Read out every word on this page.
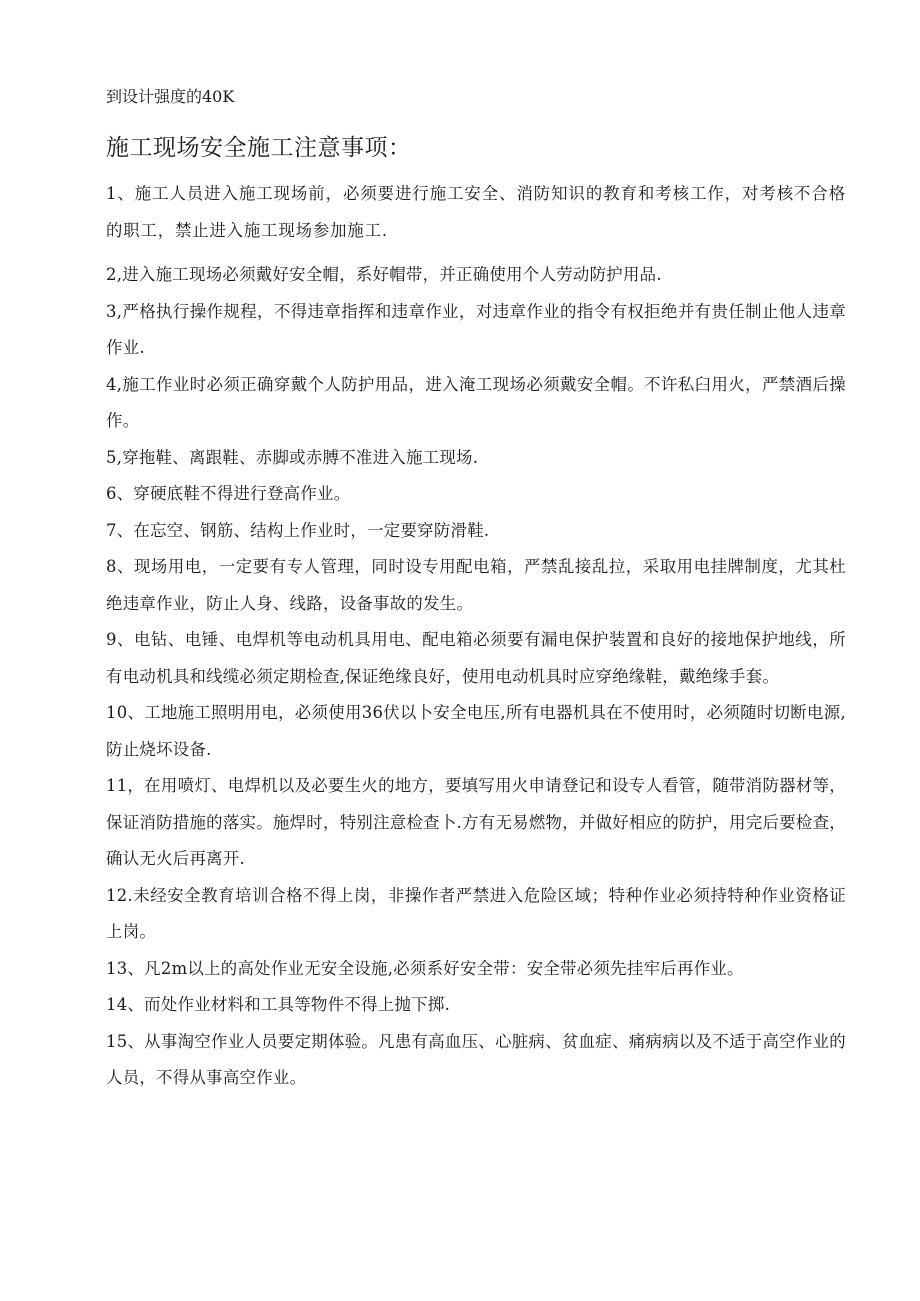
到设计强度的40K
施工现场安全施工注意事项：

1、施工人员进入施工现场前，必须要进行施工安全、消防知识的教育和考核工作，对考核不合格的职工，禁止进入施工现场参加施工.

2,进入施工现场必须戴好安全帽，系好帽带，并正确使用个人劳动防护用品.

3,严格执行操作规程，不得违章指挥和违章作业，对违章作业的指令有权拒绝并有贵任制止他人违章作业.

4,施工作业时必须正确穿戴个人防护用品，进入淹工现场必须戴安全帽。不许私臼用火，严禁酒后操作。

5,穿拖鞋、离跟鞋、赤脚或赤膊不准进入施工现场.

6、穿硬底鞋不得进行登高作业。

7、在忘空、钢筋、结构上作业时，一定要穿防滑鞋.

8、现场用电，一定要有专人管理，同时设专用配电箱，严禁乱接乱拉，采取用电挂牌制度，尤其杜绝违章作业，防止人身、线路，设备事故的发生。

9、电钻、电锤、电焊机等电动机具用电、配电箱必须要有漏电保护装置和良好的接地保护地线，所有电动机具和线缆必须定期检查,保证绝缘良好，使用电动机具时应穿绝缘鞋，戴绝缘手套。

10、工地施工照明用电，必须使用36伏以卜安全电压,所有电器机具在不使用时，必须随时切断电源,防止烧坏设备.

11，在用喷灯、电焊机以及必要生火的地方，要填写用火申请登记和设专人看管，随带消防器材等，保证消防措施的落实。施焊时，特别注意检查卜.方有无易燃物，并做好相应的防护，用完后要检查，确认无火后再离开.

12.未经安全教育培训合格不得上岗，非操作者严禁进入危险区域；特种作业必须持特种作业资格证上岗。

13、凡2m以上的高处作业无安全设施,必须系好安全带：安全带必须先挂牢后再作业。

14、而处作业材料和工具等物件不得上抛下掷.

15、从事淘空作业人员要定期体验。凡患有高血压、心脏病、贫血症、痛病病以及不适于高空作业的人员，不得从事高空作业。
